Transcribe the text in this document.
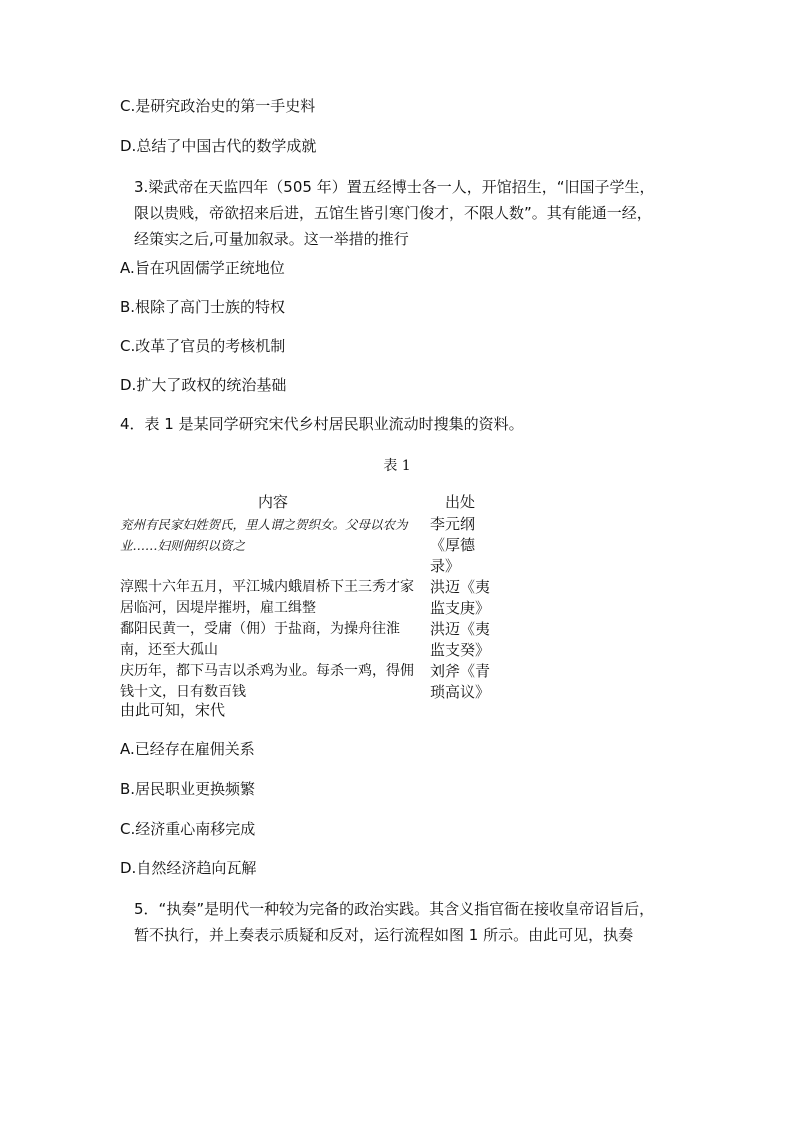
C.是研究政治史的第一手史料
D.总结了中国古代的数学成就
3.梁武帝在天监四年（505 年）置五经博士各一人，开馆招生，“旧国子学生，
限以贵贱，帝欲招来后进，五馆生皆引寒门俊才，不限人数”。其有能通一经，
经策实之后,可量加叙录。这一举措的推行
A.旨在巩固儒学正统地位
B.根除了高门士族的特权
C.改革了官员的考核机制
D.扩大了政权的统治基础
4．表 1 是某同学研究宋代乡村居民职业流动时搜集的资料。
表 1
内容	出处
兖州有民家妇姓贺氏，里人谓之贺织女。父母以农为业……妇则佣织以资之	李元纲《厚德录》
淳熙十六年五月，平江城内蛾眉桥下王三秀才家居临河，因堤岸摧坍，雇工缉整	洪迈《夷监支庚》
鄱阳民黄一，受庸（佣）于盐商，为操舟往淮南，还至大孤山	洪迈《夷监支癸》
庆历年，都下马吉以杀鸡为业。每杀一鸡，得佣钱十文，日有数百钱	刘斧《青琐高议》
由此可知，宋代
A.已经存在雇佣关系
B.居民职业更换频繁
C.经济重心南移完成
D.自然经济趋向瓦解
5．“执奏”是明代一种较为完备的政治实践。其含义指官衙在接收皇帝诏旨后，
暂不执行，并上奏表示质疑和反对，运行流程如图 1 所示。由此可见，执奏
